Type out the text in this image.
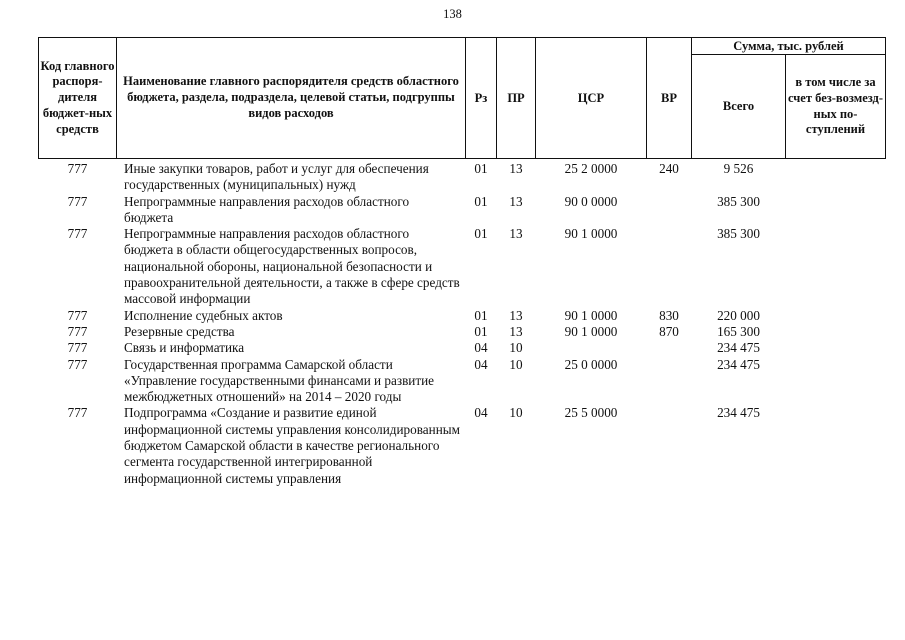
138
Код главного распоря-дителя бюджет-ных средств	Наименование главного распорядителя средств областного бюджета, раздела, подраздела, целевой статьи, подгруппы видов расходов	Рз	ПР	ЦСР	ВР	Сумма, тыс. рублей	
						Всего	в том числе за счет без-возмезд-ных по-ступлений
777	Иные закупки товаров, работ и услуг для обеспечения государственных (муниципальных) нужд	01	13	25 2 0000	240	9 526	
777	Непрограммные направления расходов областного бюджета	01	13	90 0 0000		385 300	
777	Непрограммные направления расходов областного бюджета в области общегосударственных вопросов, национальной обороны, национальной безопасности и правоохранительной деятельности, а также в сфере средств массовой информации	01	13	90 1 0000		385 300	
777	Исполнение судебных актов	01	13	90 1 0000	830	220 000	
777	Резервные средства	01	13	90 1 0000	870	165 300	
777	Связь и информатика	04	10			234 475	
777	Государственная программа Самарской области «Управление государственными финансами и развитие межбюджетных отношений» на 2014 – 2020 годы	04	10	25 0 0000		234 475	
777	Подпрограмма «Создание и развитие единой информационной системы управления консолидированным бюджетом Самарской области в качестве регионального сегмента государственной интегрированной информационной системы управления	04	10	25 5 0000		234 475	
